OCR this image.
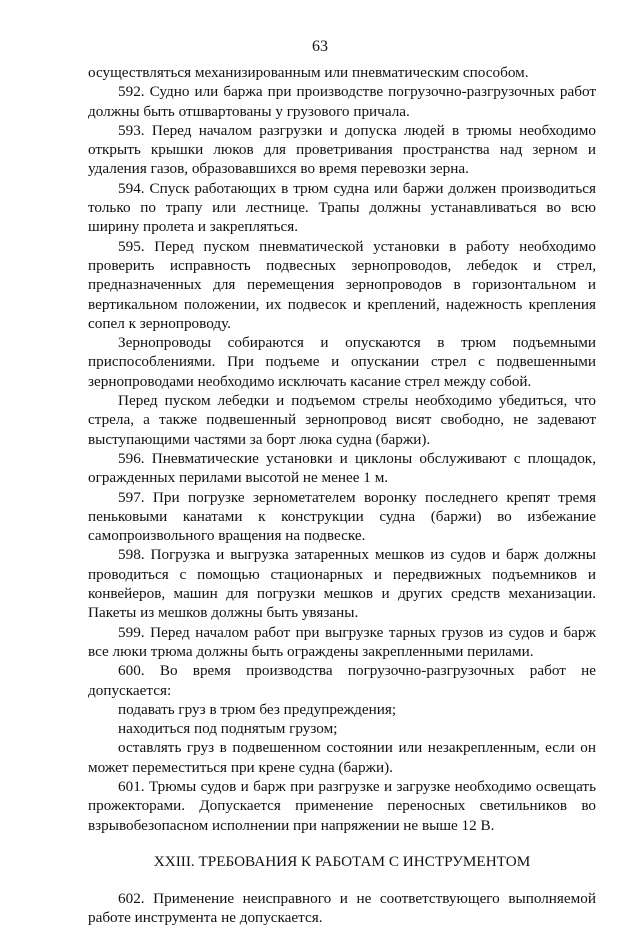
63

осуществляться механизированным или пневматическим способом.

592. Судно или баржа при производстве погрузочно-разгрузочных работ должны быть отшвартованы у грузового причала.

593. Перед началом разгрузки и допуска людей в трюмы необходимо открыть крышки люков для проветривания пространства над зерном и удаления газов, образовавшихся во время перевозки зерна.

594. Спуск работающих в трюм судна или баржи должен производиться только по трапу или лестнице. Трапы должны устанавливаться во всю ширину пролета и закрепляться.

595. Перед пуском пневматической установки в работу необходимо проверить исправность подвесных зернопроводов, лебедок и стрел, предназначенных для перемещения зернопроводов в горизонтальном и вертикальном положении, их подвесок и креплений, надежность крепления сопел к зернопроводу.

Зернопроводы собираются и опускаются в трюм подъемными приспособлениями. При подъеме и опускании стрел с подвешенными зернопроводами необходимо исключать касание стрел между собой.

Перед пуском лебедки и подъемом стрелы необходимо убедиться, что стрела, а также подвешенный зернопровод висят свободно, не задевают выступающими частями за борт люка судна (баржи).

596. Пневматические установки и циклоны обслуживают с площадок, огражденных перилами высотой не менее 1 м.

597. При погрузке зернометателем воронку последнего крепят тремя пеньковыми канатами к конструкции судна (баржи) во избежание самопроизвольного вращения на подвеске.

598. Погрузка и выгрузка затаренных мешков из судов и барж должны проводиться с помощью стационарных и передвижных подъемников и конвейеров, машин для погрузки мешков и других средств механизации. Пакеты из мешков должны быть увязаны.

599. Перед началом работ при выгрузке тарных грузов из судов и барж все люки трюма должны быть ограждены закрепленными перилами.

600. Во время производства погрузочно-разгрузочных работ не допускается:

подавать груз в трюм без предупреждения;

находиться под поднятым грузом;

оставлять груз в подвешенном состоянии или незакрепленным, если он может переместиться при крене судна (баржи).

601. Трюмы судов и барж при разгрузке и загрузке необходимо освещать прожекторами. Допускается применение переносных светильников во взрывобезопасном исполнении при напряжении не выше 12 В.

XXIII. ТРЕБОВАНИЯ К РАБОТАМ С ИНСТРУМЕНТОМ

602. Применение неисправного и не соответствующего выполняемой работе инструмента не допускается.
